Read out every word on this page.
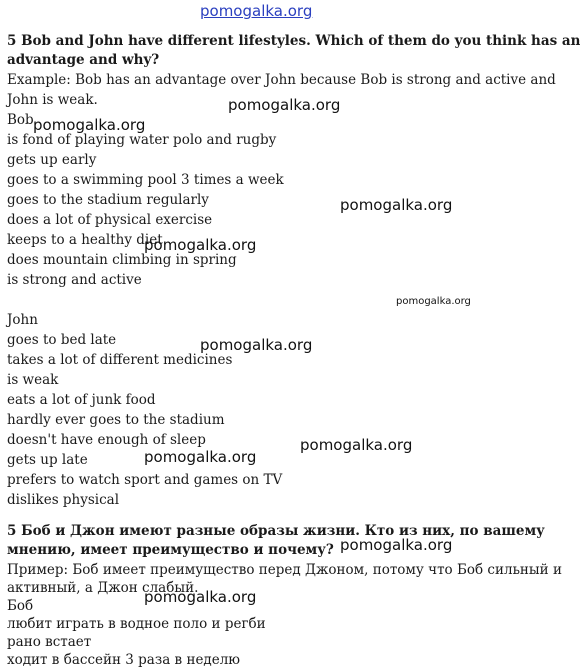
pomogalka.org
5 Bob and John have different lifestyles. Which of them do you think has an
advantage and why?
Example: Bob has an advantage over John because Bob is strong and active and
John is weak.
Bob
is fond of playing water polo and rugby
gets up early
goes to a swimming pool 3 times a week
goes to the stadium regularly
does a lot of physical exercise
keeps to a healthy diet
does mountain climbing in spring
is strong and active
John
goes to bed late
takes a lot of different medicines
is weak
eats a lot of junk food
hardly ever goes to the stadium
doesn't have enough of sleep
gets up late
prefers to watch sport and games on TV
dislikes physical
5 Боб и Джон имеют разные образы жизни. Кто из них, по вашему
мнению, имеет преимущество и почему?
Пример: Боб имеет преимущество перед Джоном, потому что Боб сильный и
активный, а Джон слабый.
Боб
любит играть в водное поло и регби
рано встает
ходит в бассейн 3 раза в неделю
pomogalka.org
pomogalka.org
pomogalka.org
pomogalka.org
pomogalka.org
pomogalka.org
pomogalka.org
pomogalka.org
pomogalka.org
pomogalka.org
